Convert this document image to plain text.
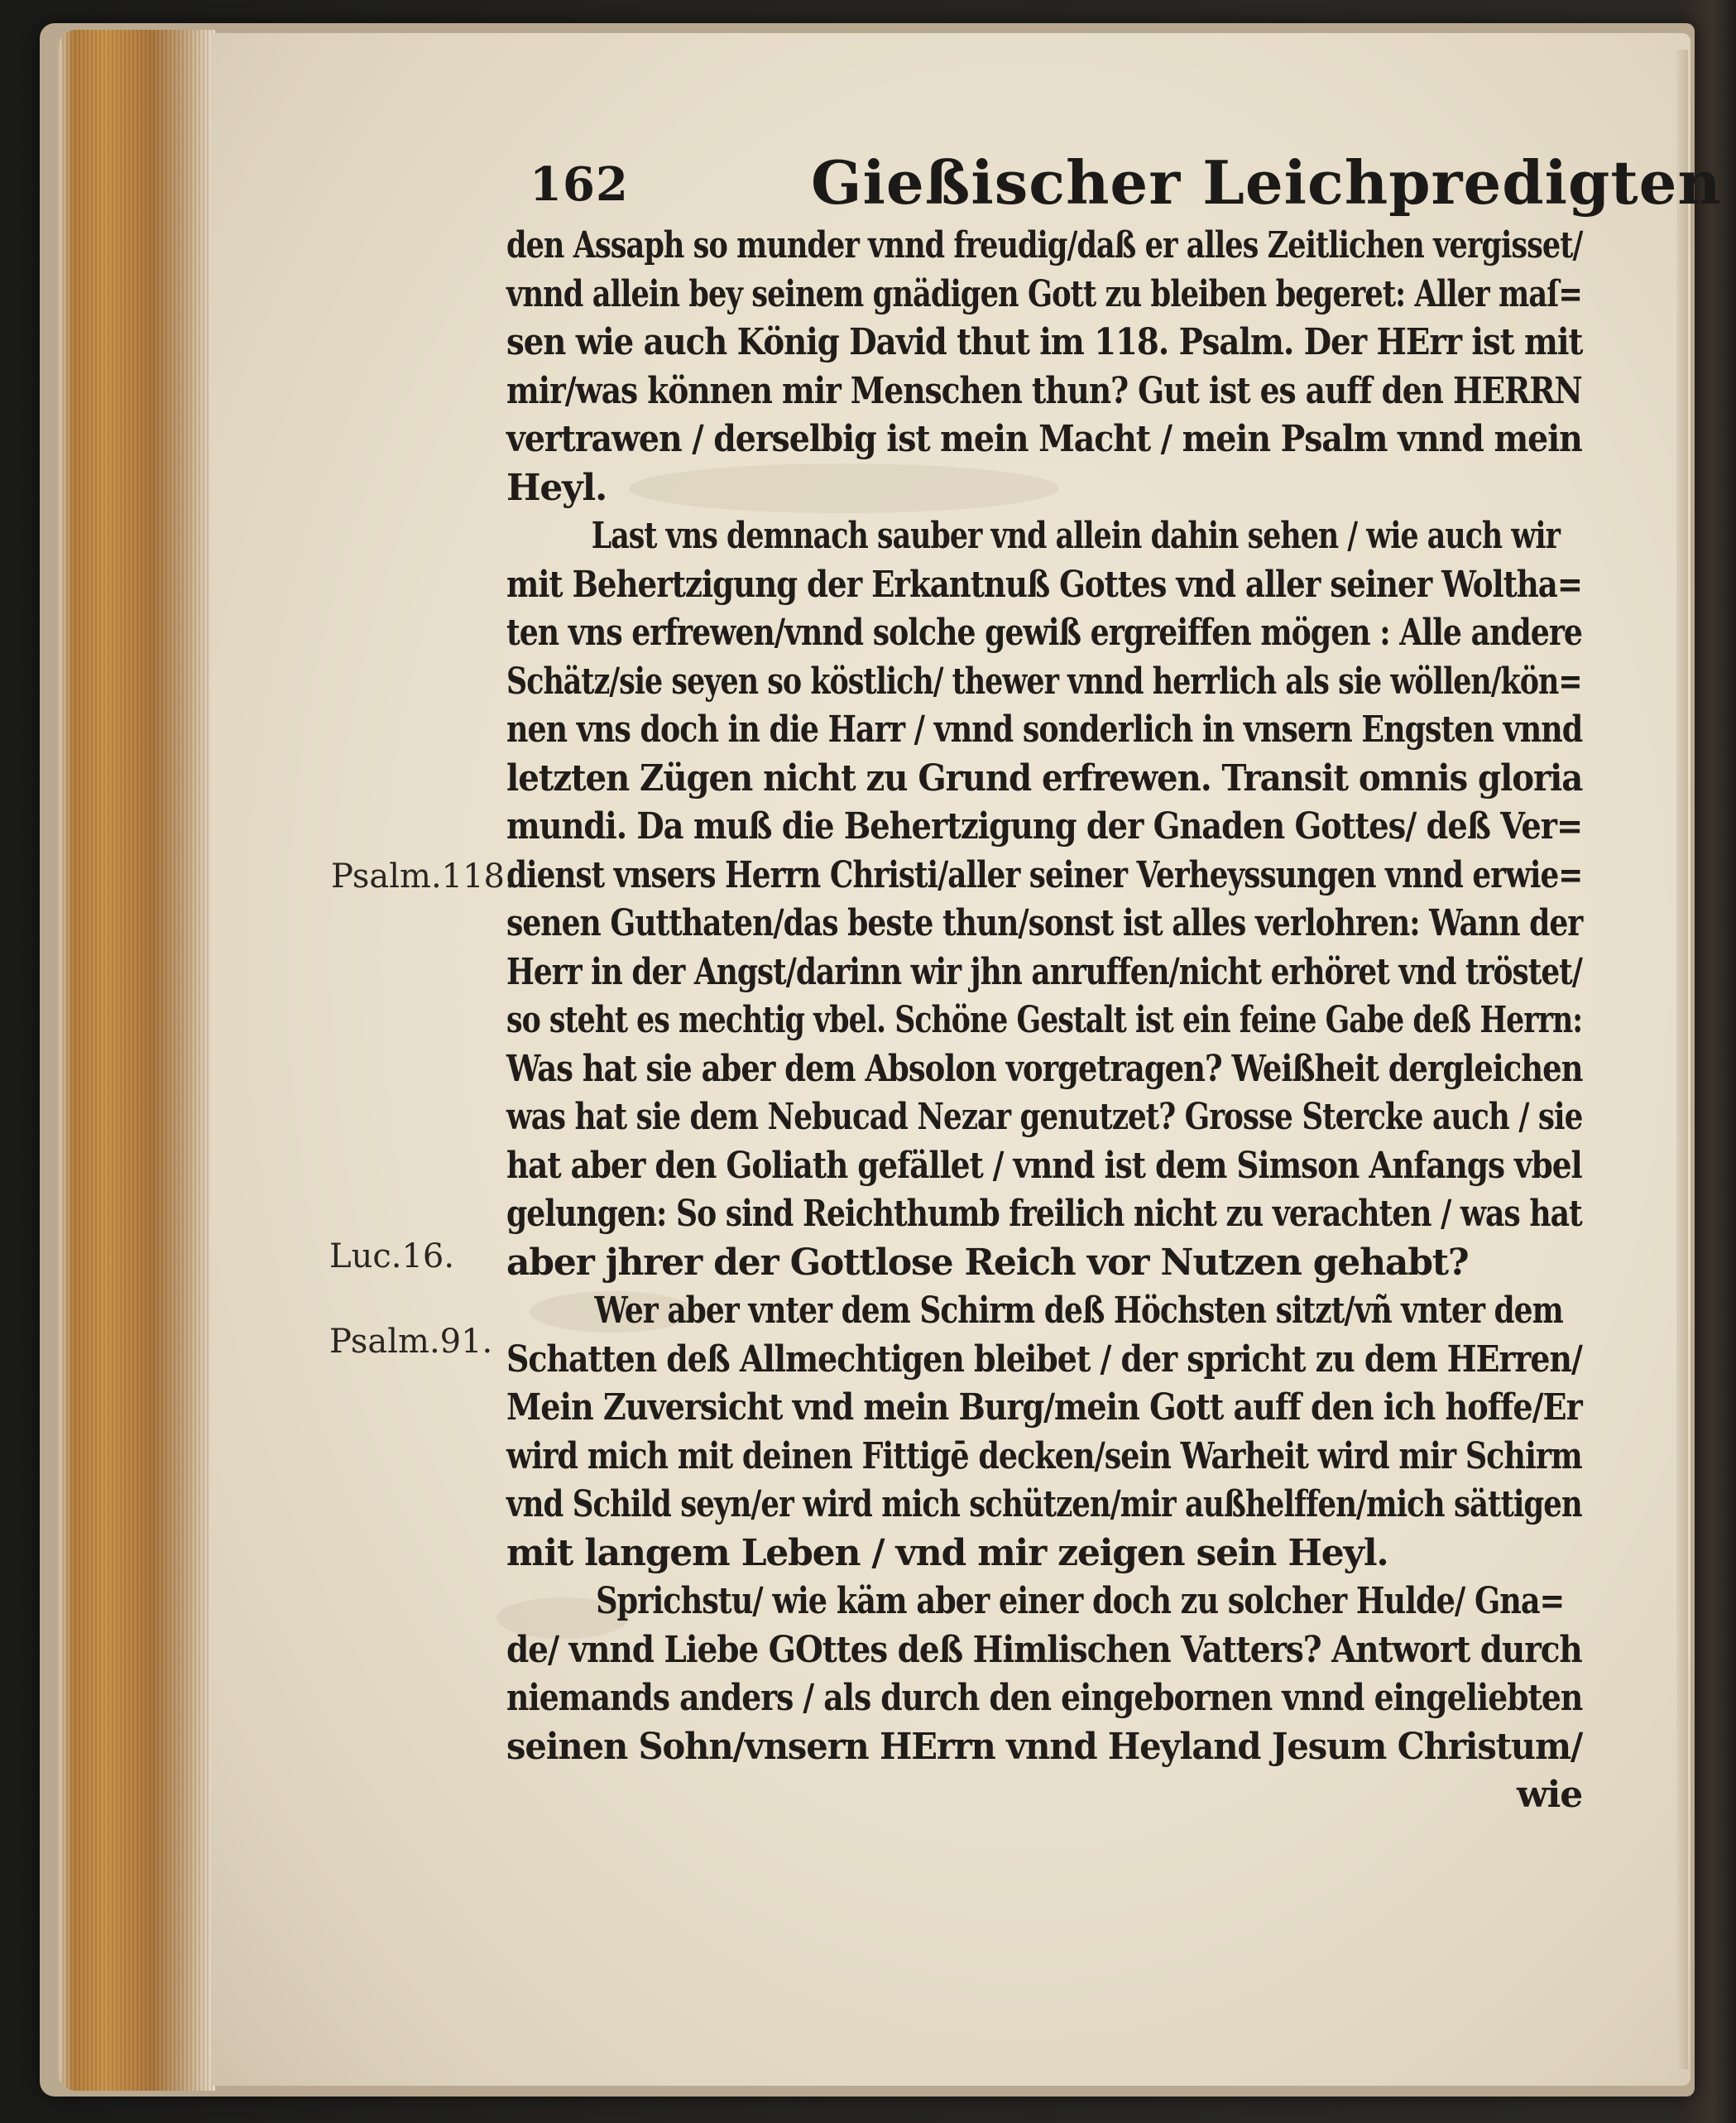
162	Gießischer Leichpredigten
Psalm.118.
Luc.16.
Psalm.91.
den Assaph so munder vnnd freudig/daß er alles Zeitlichen vergisset/
vnnd allein bey seinem gnädigen Gott zu bleiben begeret: Aller maſ=
sen wie auch König David thut im 118. Psalm. Der HErr ist mit
mir/was können mir Menschen thun? Gut ist es auff den HERRN
vertrawen / derselbig ist mein Macht / mein Psalm vnnd mein
Heyl.
Last vns demnach sauber vnd allein dahin sehen / wie auch wir
mit Behertzigung der Erkantnuß Gottes vnd aller seiner Woltha=
ten vns erfrewen/vnnd solche gewiß ergreiffen mögen : Alle andere
Schätz/sie seyen so köstlich/ thewer vnnd herrlich als sie wöllen/kön=
nen vns doch in die Harr / vnnd sonderlich in vnsern Engsten vnnd
letzten Zügen nicht zu Grund erfrewen. Transit omnis gloria
mundi. Da muß die Behertzigung der Gnaden Gottes/ deß Ver=
dienst vnsers Herrn Christi/aller seiner Verheyssungen vnnd erwie=
senen Gutthaten/das beste thun/sonst ist alles verlohren: Wann der
Herr in der Angst/darinn wir jhn anruffen/nicht erhöret vnd tröstet/
so steht es mechtig vbel. Schöne Gestalt ist ein feine Gabe deß Herrn:
Was hat sie aber dem Absolon vorgetragen? Weißheit dergleichen
was hat sie dem Nebucad Nezar genutzet? Grosse Stercke auch / sie
hat aber den Goliath gefället / vnnd ist dem Simson Anfangs vbel
gelungen: So sind Reichthumb freilich nicht zu verachten / was hat
aber jhrer der Gottlose Reich vor Nutzen gehabt?
Wer aber vnter dem Schirm deß Höchsten sitzt/vñ vnter dem
Schatten deß Allmechtigen bleibet / der spricht zu dem HErren/
Mein Zuversicht vnd mein Burg/mein Gott auff den ich hoffe/Er
wird mich mit deinen Fittigē decken/sein Warheit wird mir Schirm
vnd Schild seyn/er wird mich schützen/mir außhelffen/mich sättigen
mit langem Leben / vnd mir zeigen sein Heyl.
Sprichstu/ wie käm aber einer doch zu solcher Hulde/ Gna=
de/ vnnd Liebe GOttes deß Himlischen Vatters? Antwort durch
niemands anders / als durch den eingebornen vnnd eingeliebten
seinen Sohn/vnsern HErrn vnnd Heyland Jesum Christum/
wie
